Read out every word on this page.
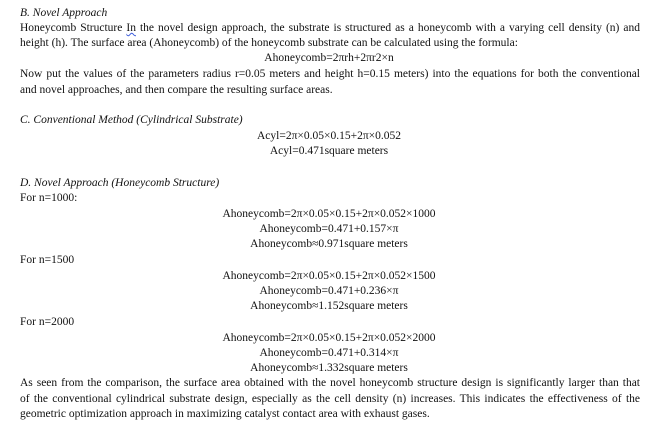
B. Novel Approach
Honeycomb Structure In the novel design approach, the substrate is structured as a honeycomb with a varying cell density (n) and
height (h). The surface area (Ahoneycomb) of the honeycomb substrate can be calculated using the formula:
Ahoneycomb=2πrh+2πr2×n
Now put the values of the parameters radius r=0.05 meters and height h=0.15 meters) into the equations for both the conventional
and novel approaches, and then compare the resulting surface areas.
C. Conventional Method (Cylindrical Substrate)
Acyl=2π×0.05×0.15+2π×0.052
Acyl=0.471square meters
D. Novel Approach (Honeycomb Structure)
For n=1000:
Ahoneycomb=2π×0.05×0.15+2π×0.052×1000
Ahoneycomb=0.471+0.157×π
Ahoneycomb≈0.971square meters
For n=1500
Ahoneycomb=2π×0.05×0.15+2π×0.052×1500
Ahoneycomb=0.471+0.236×π
Ahoneycomb≈1.152square meters
For n=2000
Ahoneycomb=2π×0.05×0.15+2π×0.052×2000
Ahoneycomb=0.471+0.314×π
Ahoneycomb≈1.332square meters
As seen from the comparison, the surface area obtained with the novel honeycomb structure design is significantly larger than that
of the conventional cylindrical substrate design, especially as the cell density (n) increases. This indicates the effectiveness of the
geometric optimization approach in maximizing catalyst contact area with exhaust gases.
